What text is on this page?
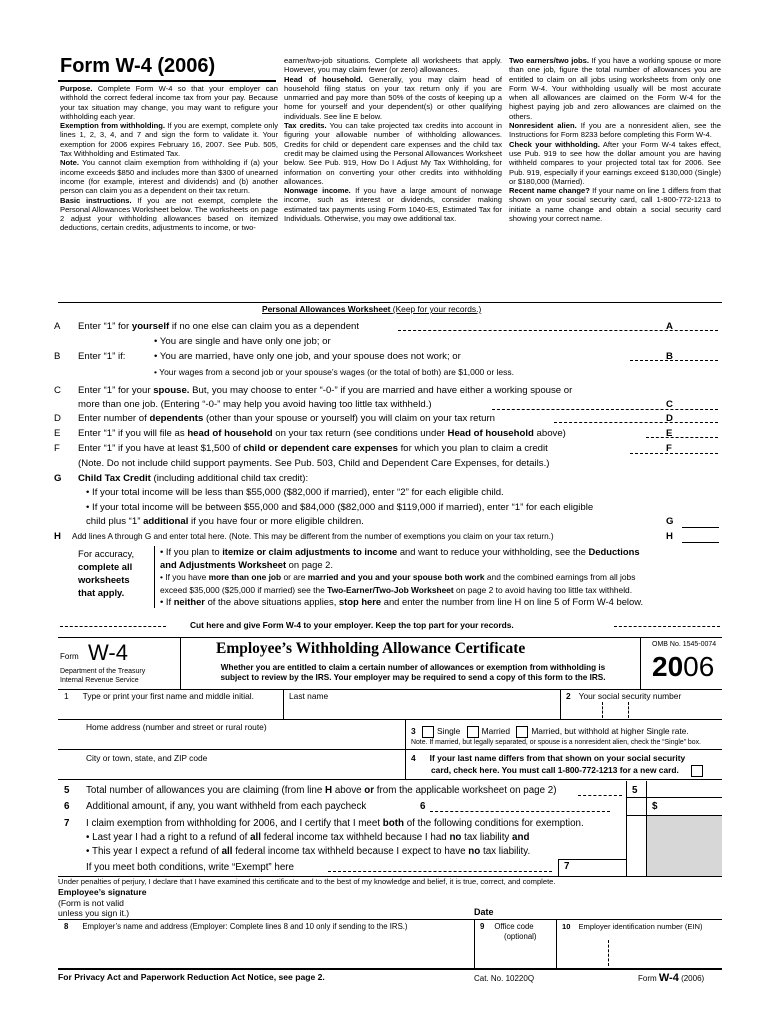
Form W-4 (2006)

Purpose. Complete Form W-4 so that your employer can withhold the correct federal income tax from your pay. Because your tax situation may change, you may want to refigure your withholding each year.

Exemption from withholding. If you are exempt, complete only lines 1, 2, 3, 4, and 7 and sign the form to validate it. Your exemption for 2006 expires February 16, 2007. See Pub. 505, Tax Withholding and Estimated Tax.

Note. You cannot claim exemption from withholding if (a) your income exceeds $850 and includes more than $300 of unearned income (for example, interest and dividends) and (b) another person can claim you as a dependent on their tax return.

Basic instructions. If you are not exempt, complete the Personal Allowances Worksheet below. The worksheets on page 2 adjust your withholding allowances based on itemized deductions, certain credits, adjustments to income, or two-

earner/two-job situations. Complete all worksheets that apply. However, you may claim fewer (or zero) allowances.

Head of household. Generally, you may claim head of household filing status on your tax return only if you are unmarried and pay more than 50% of the costs of keeping up a home for yourself and your dependent(s) or other qualifying individuals. See line E below.

Tax credits. You can take projected tax credits into account in figuring your allowable number of withholding allowances. Credits for child or dependent care expenses and the child tax credit may be claimed using the Personal Allowances Worksheet below. See Pub. 919, How Do I Adjust My Tax Withholding, for information on converting your other credits into withholding allowances.

Nonwage income. If you have a large amount of nonwage income, such as interest or dividends, consider making estimated tax payments using Form 1040-ES, Estimated Tax for Individuals. Otherwise, you may owe additional tax.

Two earners/two jobs. If you have a working spouse or more than one job, figure the total number of allowances you are entitled to claim on all jobs using worksheets from only one Form W-4. Your withholding usually will be most accurate when all allowances are claimed on the Form W-4 for the highest paying job and zero allowances are claimed on the others.

Nonresident alien. If you are a nonresident alien, see the Instructions for Form 8233 before completing this Form W-4.

Check your withholding. After your Form W-4 takes effect, use Pub. 919 to see how the dollar amount you are having withheld compares to your projected total tax for 2006. See Pub. 919, especially if your earnings exceed $130,000 (Single) or $180,000 (Married).

Recent name change? If your name on line 1 differs from that shown on your social security card, call 1-800-772-1213 to initiate a name change and obtain a social security card showing your correct name.

Personal Allowances Worksheet (Keep for your records.)
A Enter “1” for yourself if no one else can claim you as a dependent	A
• You are single and have only one job; or
B Enter “1” if:	• You are married, have only one job, and your spouse does not work; or	B
• Your wages from a second job or your spouse’s wages (or the total of both) are $1,000 or less.
C Enter “1” for your spouse. But, you may choose to enter “-0-” if you are married and have either a working spouse or
more than one job. (Entering “-0-” may help you avoid having too little tax withheld.)	C
D Enter number of dependents (other than your spouse or yourself) you will claim on your tax return	D
E Enter “1” if you will file as head of household on your tax return (see conditions under Head of household above)	E
F Enter “1” if you have at least $1,500 of child or dependent care expenses for which you plan to claim a credit	F
(Note. Do not include child support payments. See Pub. 503, Child and Dependent Care Expenses, for details.)
G Child Tax Credit (including additional child tax credit):
• If your total income will be less than $55,000 ($82,000 if married), enter “2” for each eligible child.
• If your total income will be between $55,000 and $84,000 ($82,000 and $119,000 if married), enter “1” for each eligible
child plus “1” additional if you have four or more eligible children.	G
H Add lines A through G and enter total here. (Note. This may be different from the number of exemptions you claim on your tax return.)	H
For accuracy,
complete all
worksheets
that apply.
• If you plan to itemize or claim adjustments to income and want to reduce your withholding, see the Deductions
and Adjustments Worksheet on page 2.
• If you have more than one job or are married and you and your spouse both work and the combined earnings from all jobs
exceed $35,000 ($25,000 if married) see the Two-Earner/Two-Job Worksheet on page 2 to avoid having too little tax withheld.
• If neither of the above situations applies, stop here and enter the number from line H on line 5 of Form W-4 below.
Cut here and give Form W-4 to your employer. Keep the top part for your records.
Form W-4
Department of the Treasury
Internal Revenue Service
Employee’s Withholding Allowance Certificate
Whether you are entitled to claim a certain number of allowances or exemption from withholding is
subject to review by the IRS. Your employer may be required to send a copy of this form to the IRS.
OMB No. 1545-0074
2006
1 Type or print your first name and middle initial.	Last name	2 Your social security number
Home address (number and street or rural route)	3	Single	Married	Married, but withhold at higher Single rate.
Note. If married, but legally separated, or spouse is a nonresident alien, check the “Single” box.
City or town, state, and ZIP code	4 If your last name differs from that shown on your social security
card, check here. You must call 1-800-772-1213 for a new card.
5 Total number of allowances you are claiming (from line H above or from the applicable worksheet on page 2)	5
6 Additional amount, if any, you want withheld from each paycheck	6	$
7 I claim exemption from withholding for 2006, and I certify that I meet both of the following conditions for exemption.
• Last year I had a right to a refund of all federal income tax withheld because I had no tax liability and
• This year I expect a refund of all federal income tax withheld because I expect to have no tax liability.
If you meet both conditions, write “Exempt” here	7
Under penalties of perjury, I declare that I have examined this certificate and to the best of my knowledge and belief, it is true, correct, and complete.
Employee’s signature
(Form is not valid
unless you sign it.)	Date
8 Employer’s name and address (Employer: Complete lines 8 and 10 only if sending to the IRS.)	9 Office code
(optional)
10 Employer identification number (EIN)
For Privacy Act and Paperwork Reduction Act Notice, see page 2.	Cat. No. 10220Q	Form W-4 (2006)
